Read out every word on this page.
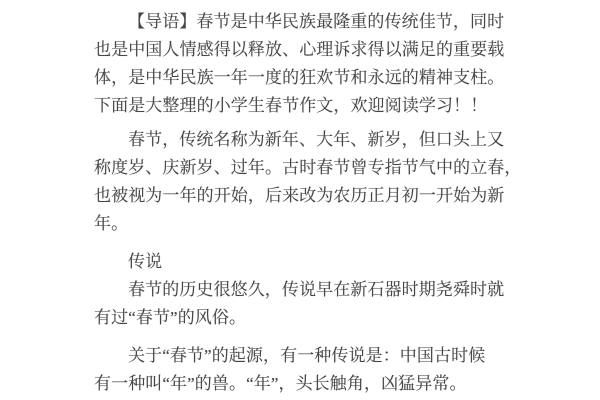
【导语】春节是中华民族最隆重的传统佳节，同时
也是中国人情感得以释放、心理诉求得以满足的重要载
体，是中华民族一年一度的狂欢节和永远的精神支柱。
下面是大整理的小学生春节作文，欢迎阅读学习！！
春节，传统名称为新年、大年、新岁，但口头上又
称度岁、庆新岁、过年。古时春节曾专指节气中的立春，
也被视为一年的开始，后来改为农历正月初一开始为新
年。
传说
春节的历史很悠久，传说早在新石器时期尧舜时就
有过“春节”的风俗。
关于“春节”的起源，有一种传说是：中国古时候
有一种叫“年”的兽。“年”，头长触角，凶猛异常。
